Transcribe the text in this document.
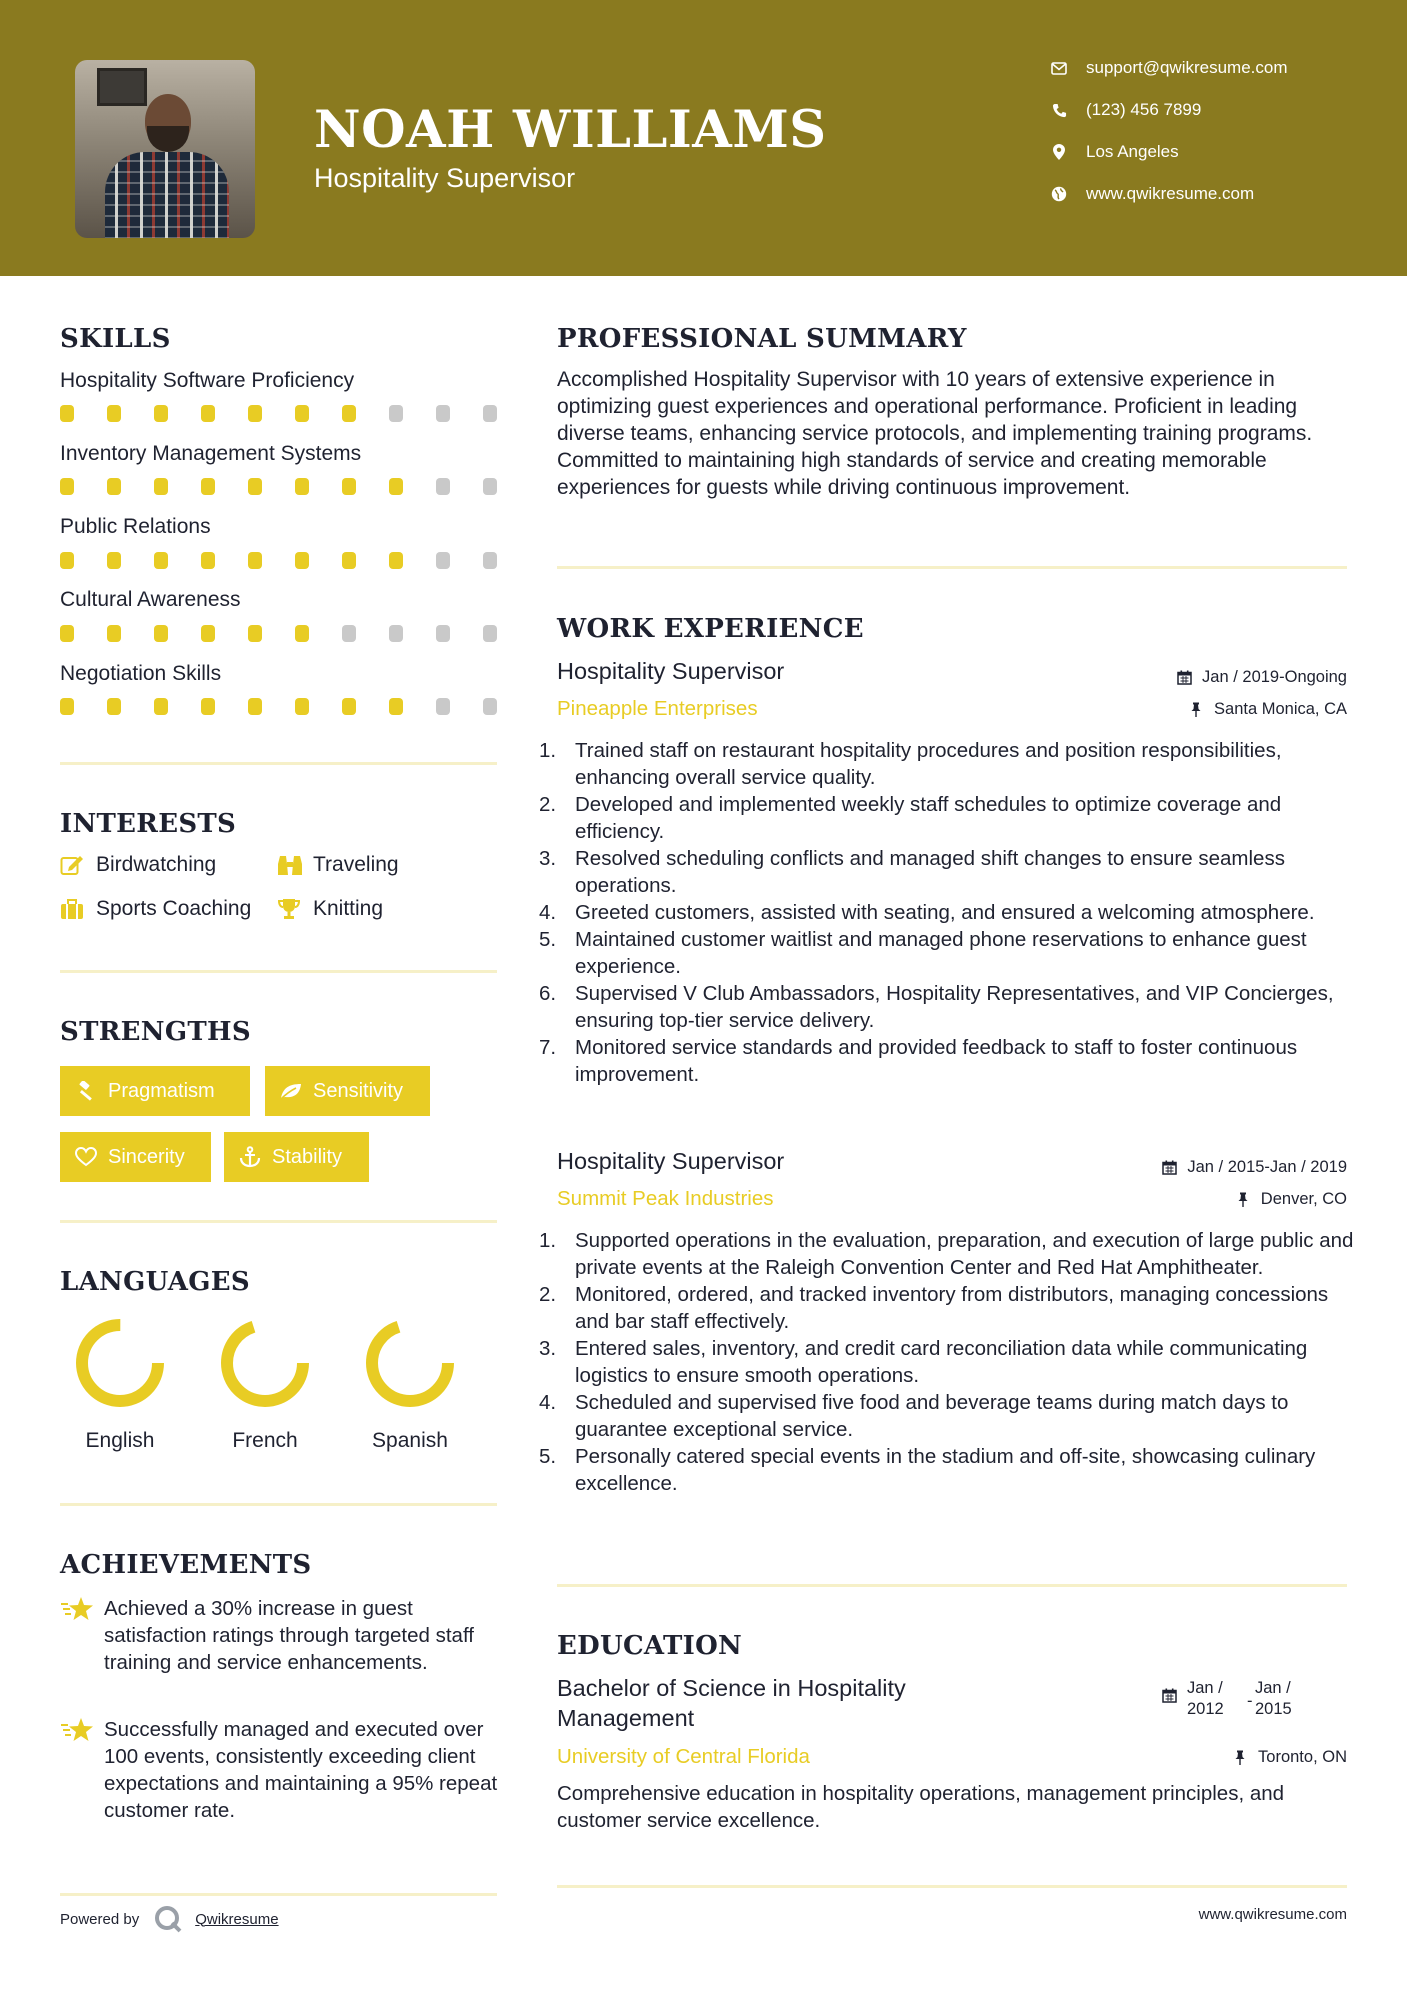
NOAH WILLIAMS
Hospitality Supervisor
support@qwikresume.com
(123) 456 7899
Los Angeles
www.qwikresume.com
SKILLS
Hospitality Software Proficiency
Inventory Management Systems
Public Relations
Cultural Awareness
Negotiation Skills
INTERESTS
Birdwatching	Traveling
Sports Coaching	Knitting
STRENGTHS
Pragmatism	Sensitivity
Sincerity	Stability
LANGUAGES
English	French	Spanish
ACHIEVEMENTS
Achieved a 30% increase in guest satisfaction ratings through targeted staff training and service enhancements.
Successfully managed and executed over 100 events, consistently exceeding client expectations and maintaining a 95% repeat customer rate.
Powered by	Qwikresume
PROFESSIONAL SUMMARY
Accomplished Hospitality Supervisor with 10 years of extensive experience in optimizing guest experiences and operational performance. Proficient in leading diverse teams, enhancing service protocols, and implementing training programs. Committed to maintaining high standards of service and creating memorable experiences for guests while driving continuous improvement.
WORK EXPERIENCE
Hospitality Supervisor	Jan / 2019-Ongoing
Pineapple Enterprises	Santa Monica, CA
1. Trained staff on restaurant hospitality procedures and position responsibilities, enhancing overall service quality.
2. Developed and implemented weekly staff schedules to optimize coverage and efficiency.
3. Resolved scheduling conflicts and managed shift changes to ensure seamless operations.
4. Greeted customers, assisted with seating, and ensured a welcoming atmosphere.
5. Maintained customer waitlist and managed phone reservations to enhance guest experience.
6. Supervised V Club Ambassadors, Hospitality Representatives, and VIP Concierges, ensuring top-tier service delivery.
7. Monitored service standards and provided feedback to staff to foster continuous improvement.
Hospitality Supervisor	Jan / 2015-Jan / 2019
Summit Peak Industries	Denver, CO
1. Supported operations in the evaluation, preparation, and execution of large public and private events at the Raleigh Convention Center and Red Hat Amphitheater.
2. Monitored, ordered, and tracked inventory from distributors, managing concessions and bar staff effectively.
3. Entered sales, inventory, and credit card reconciliation data while communicating logistics to ensure smooth operations.
4. Scheduled and supervised five food and beverage teams during match days to guarantee exceptional service.
5. Personally catered special events in the stadium and off-site, showcasing culinary excellence.
EDUCATION
Bachelor of Science in Hospitality Management
Jan / 2012	-
Jan / 2015
University of Central Florida	Toronto, ON
Comprehensive education in hospitality operations, management principles, and customer service excellence.
www.qwikresume.com
